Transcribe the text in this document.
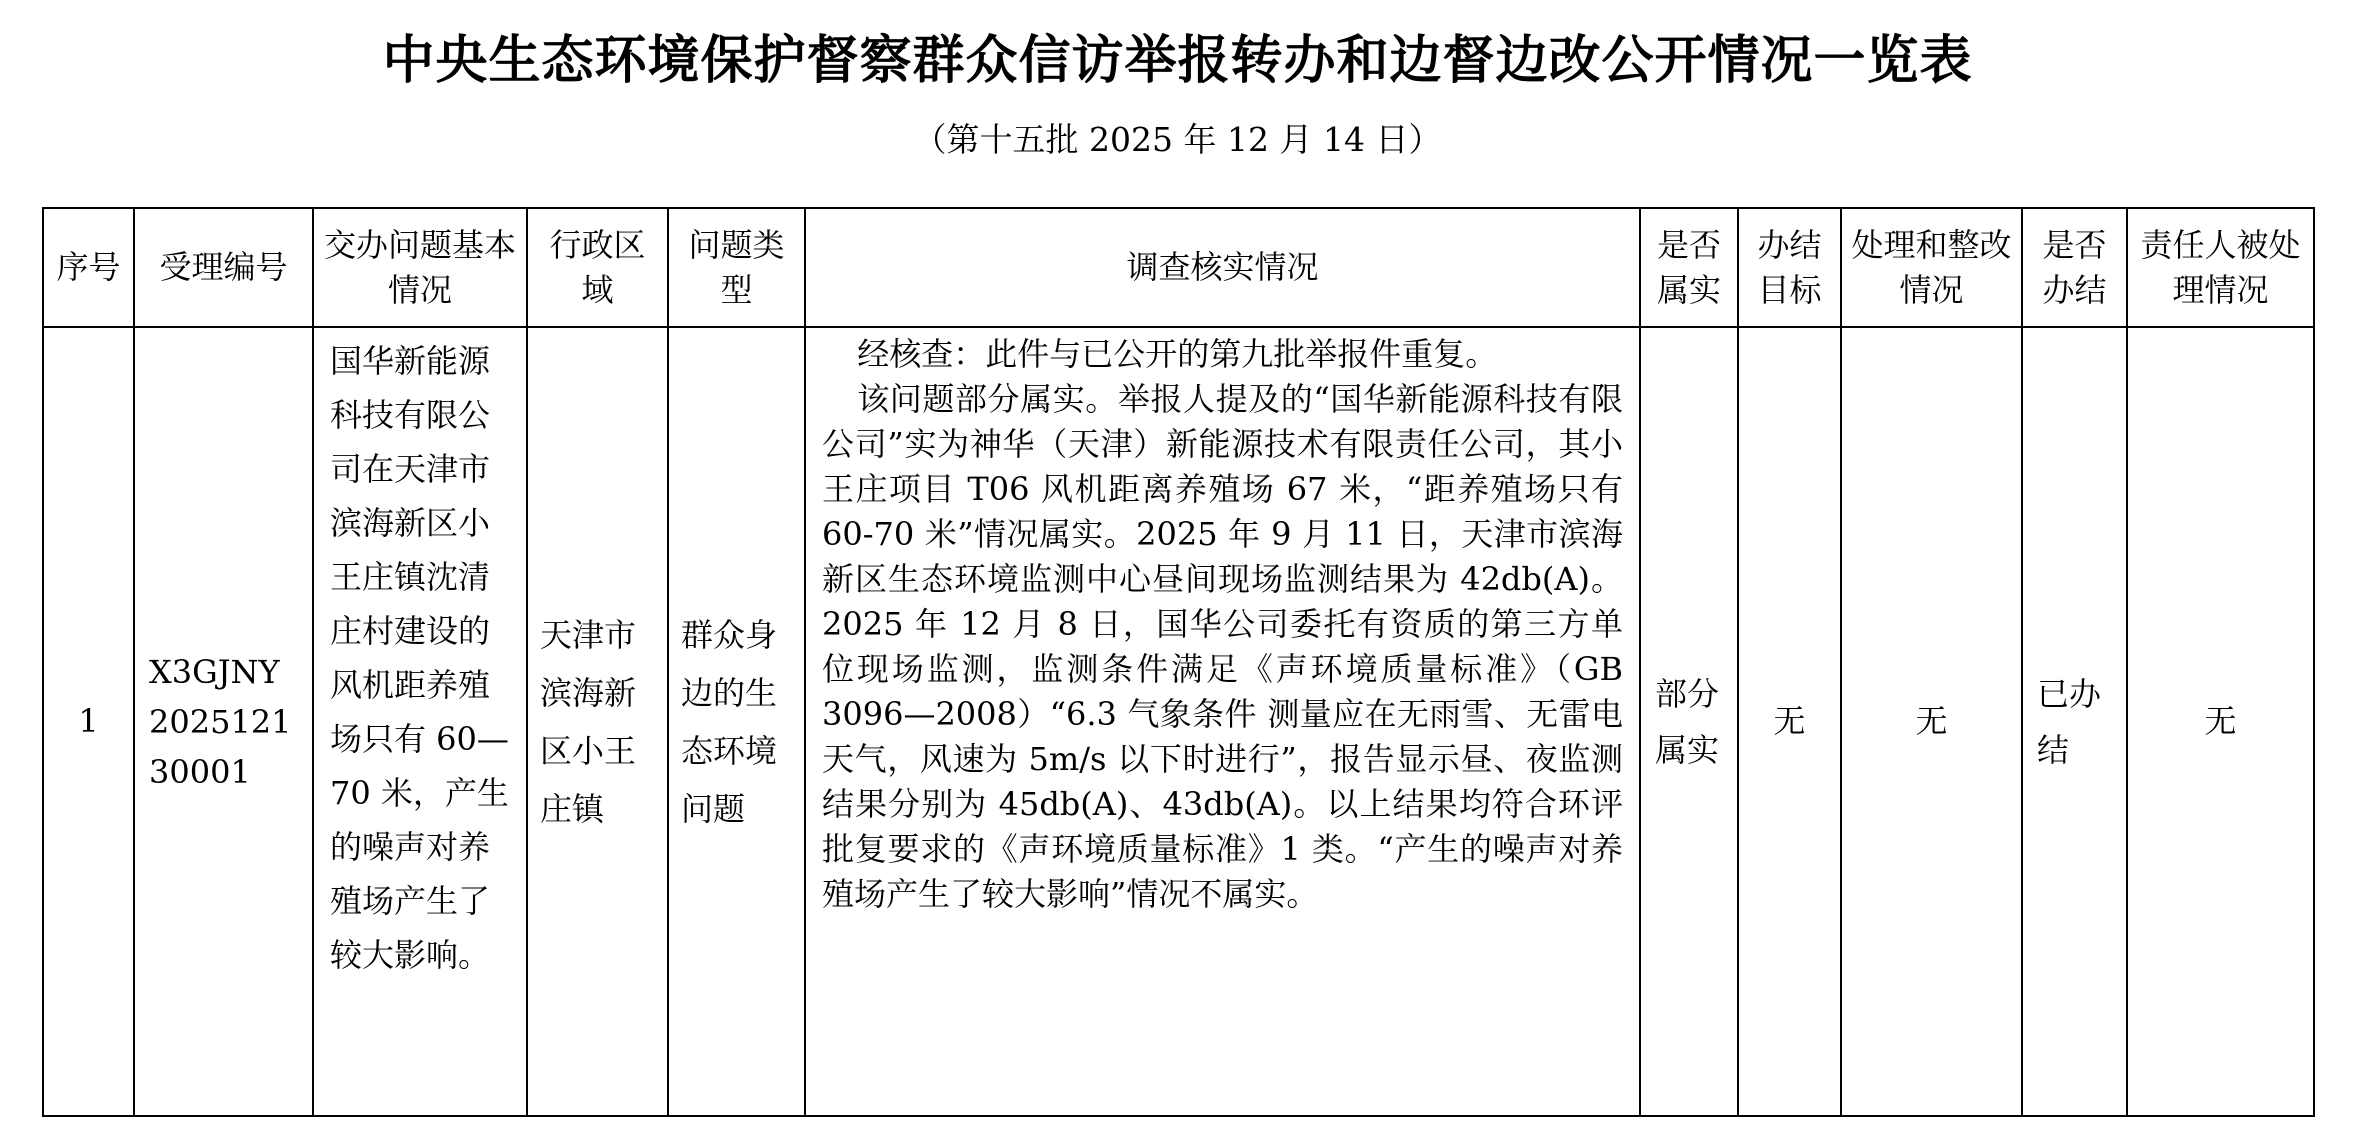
中央生态环境保护督察群众信访举报转办和边督边改公开情况一览表
（第十五批 2025 年 12 月 14 日）
序号	受理编号	交办问题基本情况	行政区域	问题类型	调查核实情况	是否属实	办结目标	处理和整改情况	是否办结	责任人被处理情况
1	X3GJNY202512130001	国华新能源科技有限公司在天津市滨海新区小王庄镇沈清庄村建设的风机距养殖场只有 60—70 米，产生的噪声对养殖场产生了较大影响。	天津市滨海新区小王庄镇	群众身边的生态环境问题	经核查：此件与已公开的第九批举报件重复。

该问题部分属实。举报人提及的“国华新能源科技有限公司”实为神华（天津）新能源技术有限责任公司，其小王庄项目 T06 风机距离养殖场 67 米，“距养殖场只有 60-70 米”情况属实。2025 年 9 月 11 日，天津市滨海新区生态环境监测中心昼间现场监测结果为 42db(A)。2025 年 12 月 8 日，国华公司委托有资质的第三方单位现场监测，监测条件满足《声环境质量标准》（GB 3096—2008）“6.3 气象条件 测量应在无雨雪、无雷电天气，风速为 5m/s 以下时进行”，报告显示昼、夜监测结果分别为 45db(A)、43db(A)。以上结果均符合环评批复要求的《声环境质量标准》1 类。“产生的噪声对养殖场产生了较大影响”情况不属实。	部分属实	无	无	已办结	无
